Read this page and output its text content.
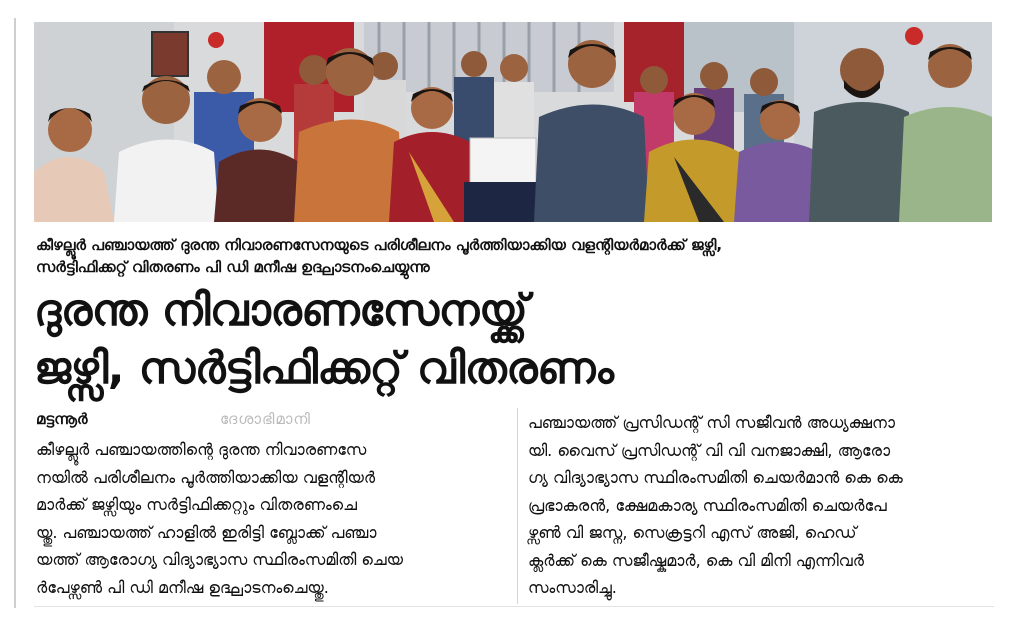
കീഴല്ലൂർ പഞ്ചായത്ത് ദുരന്ത നിവാരണസേനയുടെ പരിശീലനം പൂർത്തിയാക്കിയ വളന്റിയർമാർക്ക് ജഴ്സി,
സർട്ടിഫിക്കറ്റ് വിതരണം പി ഡി മനീഷ ഉദ്ഘാടനംചെയ്യുന്നു
ദുരന്ത നിവാരണസേനയ്ക്ക്
ജഴ്സി, സർട്ടിഫിക്കറ്റ് വിതരണം
മട്ടന്നൂർ	ദേശാഭിമാനി
കീഴല്ലൂർ പഞ്ചായത്തിന്റെ ദുരന്ത നിവാരണസേ
നയിൽ പരിശീലനം പൂർത്തിയാക്കിയ വളന്റിയർ
മാർക്ക് ജഴ്സിയും സർട്ടിഫിക്കറ്റും വിതരണംചെ
യ്തു. പഞ്ചായത്ത് ഹാളിൽ ഇരിട്ടി ബ്ലോക്ക് പഞ്ചാ
യത്ത് ആരോഗ്യ വിദ്യാഭ്യാസ സ്ഥിരംസമിതി ചെയ
ർപേഴ്സൺ പി ഡി മനീഷ ഉദ്ഘാടനംചെയ്തു.
പഞ്ചായത്ത് പ്രസിഡന്റ് സി സജീവൻ അധ്യക്ഷനാ
യി. വൈസ് പ്രസിഡന്റ് വി വി വനജാക്ഷി, ആരോ
ഗ്യ വിദ്യാഭ്യാസ സ്ഥിരംസമിതി ചെയർമാൻ കെ കെ
പ്രഭാകരൻ, ക്ഷേമകാര്യ സ്ഥിരംസമിതി ചെയർപേ
ഴ്സൺ വി ജസ്ന, സെക്രട്ടറി എസ് അജി, ഹെഡ്
ക്ലർക്ക് കെ സജീഷ്കുമാർ, കെ വി മിനി എന്നിവർ
സംസാരിച്ചു.
